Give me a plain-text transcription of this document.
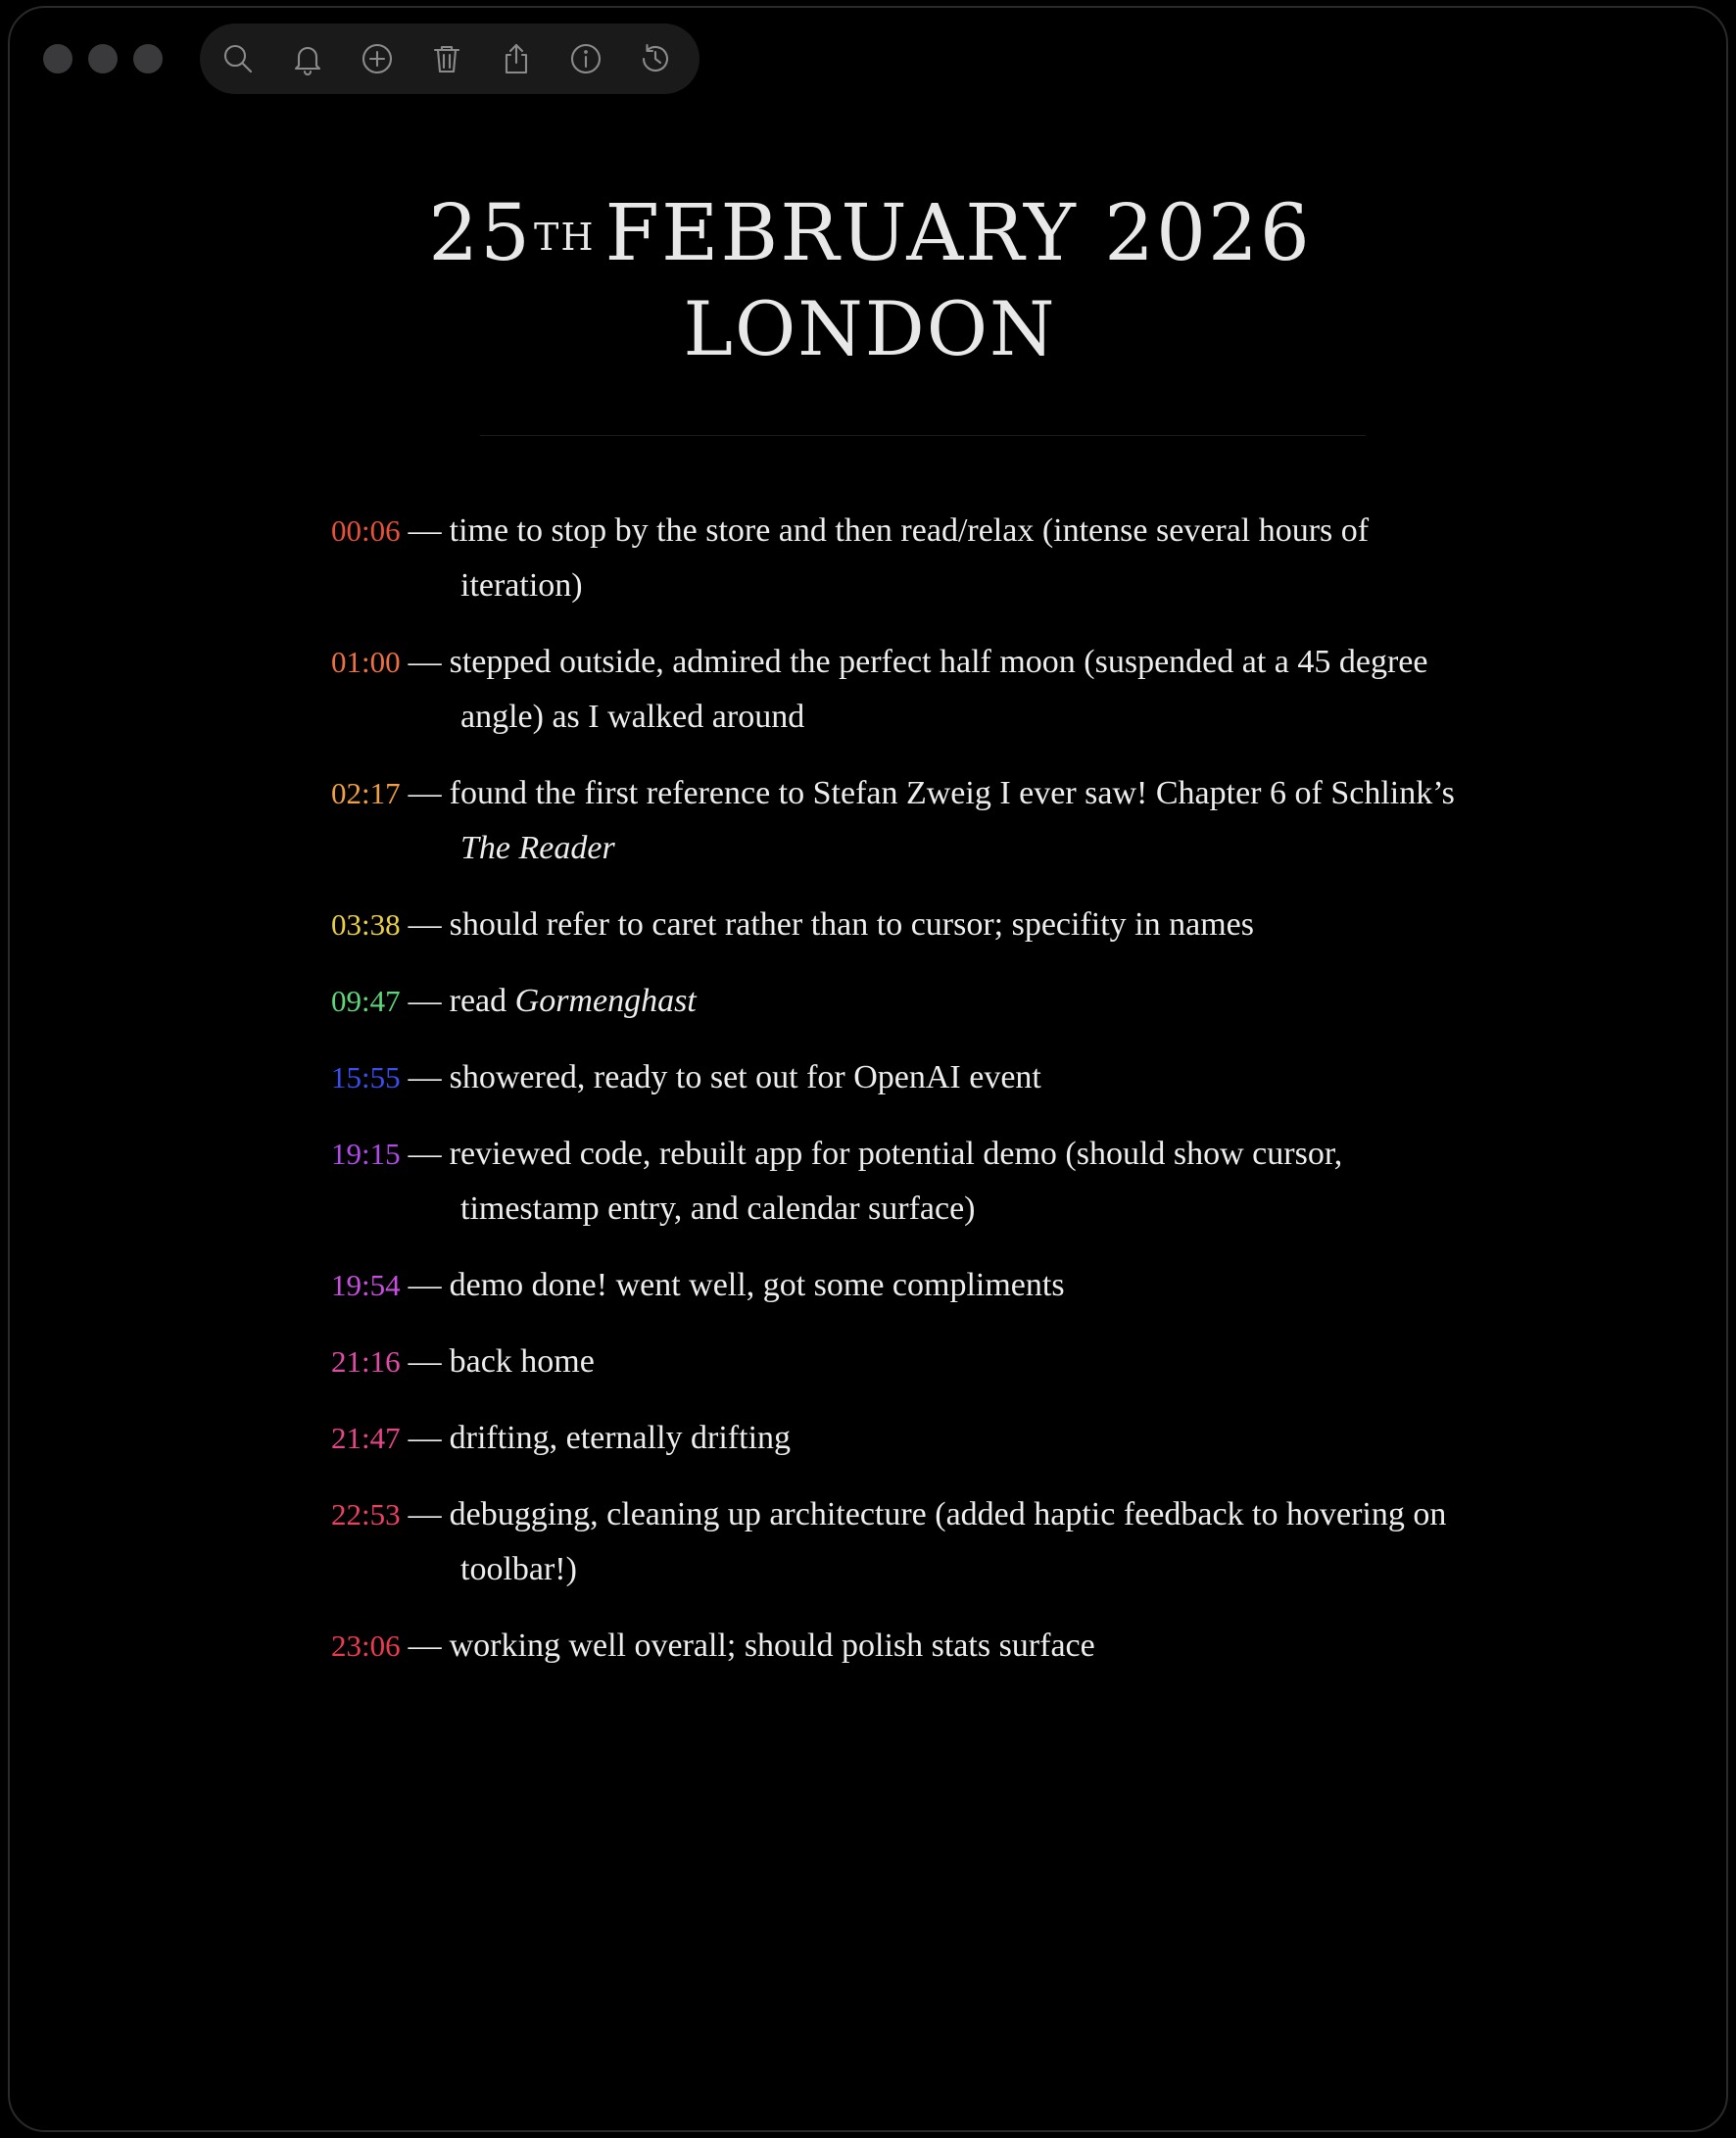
25TH FEBRUARY 2026
LONDON
00:06 — time to stop by the store and then read/relax (intense several hours of iteration)
01:00 — stepped outside, admired the perfect half moon (suspended at a 45 degree angle) as I walked around
02:17 — found the first reference to Stefan Zweig I ever saw! Chapter 6 of Schlink’s The Reader
03:38 — should refer to caret rather than to cursor; specifity in names
09:47 — read Gormenghast
15:55 — showered, ready to set out for OpenAI event
19:15 — reviewed code, rebuilt app for potential demo (should show cursor, timestamp entry, and calendar surface)
19:54 — demo done! went well, got some compliments
21:16 — back home
21:47 — drifting, eternally drifting
22:53 — debugging, cleaning up architecture (added haptic feedback to hovering on toolbar!)
23:06 — working well overall; should polish stats surface
